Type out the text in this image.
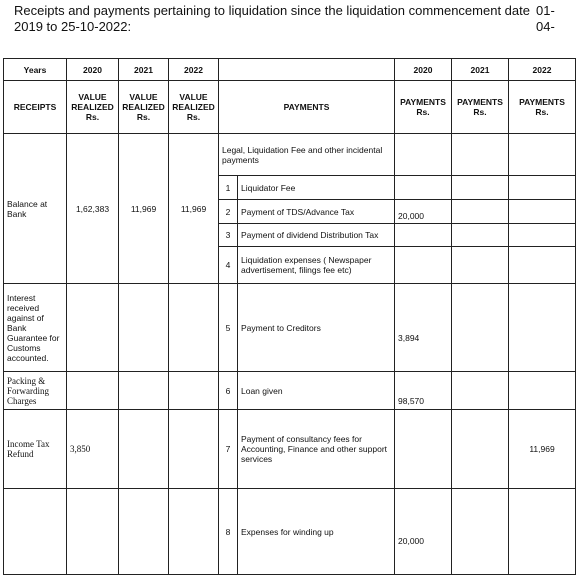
Receipts and payments pertaining to liquidation since the liquidation commencement date 01-04-
2019 to 25-10-2022:
Years	2020	2021	2022			2020	2021	2022
RECEIPTS	VALUE REALIZED Rs.	VALUE REALIZED Rs.	VALUE REALIZED Rs.	PAYMENTS		PAYMENTS Rs.	PAYMENTS Rs.	PAYMENTS Rs.
Balance at Bank	1,62,383	11,969	11,969	Legal, Liquidation Fee and other incidental payments				
				1	Liquidator Fee			
				2	Payment of TDS/Advance Tax	20,000		
				3	Payment of dividend Distribution Tax			
				4	Liquidation expenses ( Newspaper advertisement, filings fee etc)			
Interest received against of Bank Guarantee for Customs accounted.				5	Payment to Creditors	3,894		
Packing & Forwarding Charges				6	Loan given	98,570		
Income Tax Refund	3,850			7	Payment of consultancy fees for Accounting, Finance and other support services			11,969
				8	Expenses for winding up	20,000		
